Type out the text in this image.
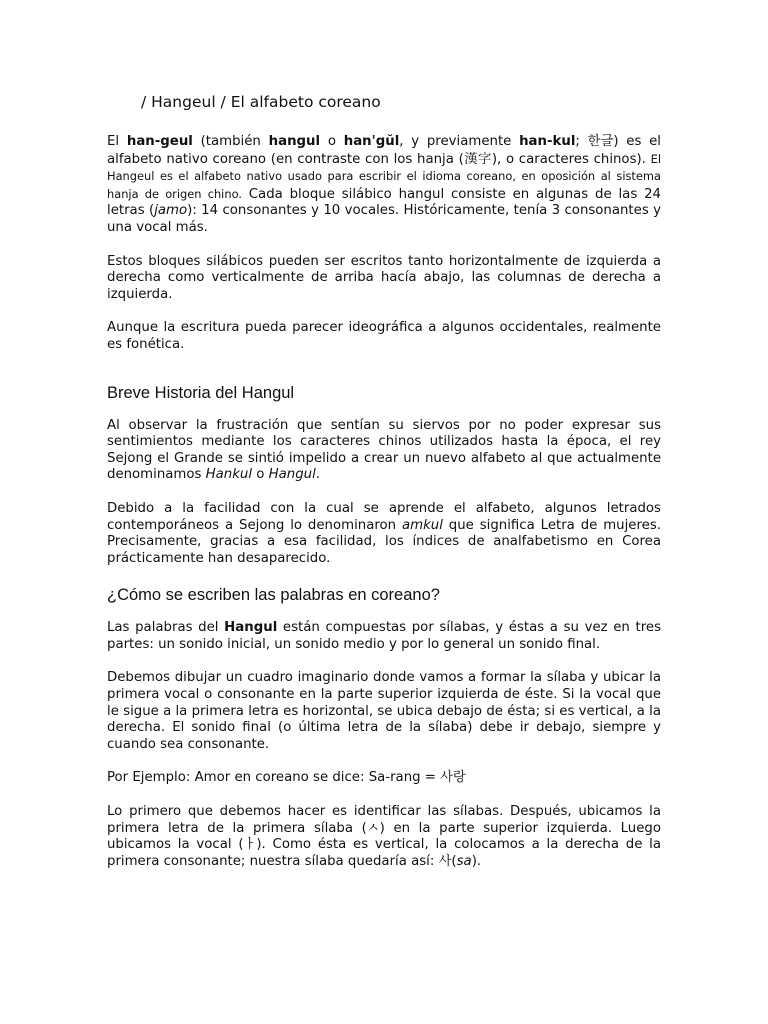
/ Hangeul / El alfabeto coreano

El han-geul (también hangul o han'gŭl, y previamente han-kul; 한글) es el alfabeto nativo coreano (en contraste con los hanja (漢字), o caracteres chinos). El Hangeul es el alfabeto nativo usado para escribir el idioma coreano, en oposición al sistema hanja de origen chino. Cada bloque silábico hangul consiste en algunas de las 24 letras (jamo): 14 consonantes y 10 vocales. Históricamente, tenía 3 consonantes y una vocal más.

Estos bloques silábicos pueden ser escritos tanto horizontalmente de izquierda a derecha como verticalmente de arriba hacía abajo, las columnas de derecha a izquierda.

Aunque la escritura pueda parecer ideográfica a algunos occidentales, realmente es fonética.

Breve Historia del Hangul

Al observar la frustración que sentían su siervos por no poder expresar sus sentimientos mediante los caracteres chinos utilizados hasta la época, el rey Sejong el Grande se sintió impelido a crear un nuevo alfabeto al que actualmente denominamos Hankul o Hangul.

Debido a la facilidad con la cual se aprende el alfabeto, algunos letrados contemporáneos a Sejong lo denominaron amkul que significa Letra de mujeres. Precisamente, gracias a esa facilidad, los índices de analfabetismo en Corea prácticamente han desaparecido.

¿Cómo se escriben las palabras en coreano?

Las palabras del Hangul están compuestas por sílabas, y éstas a su vez en tres partes: un sonido inicial, un sonido medio y por lo general un sonido final.

Debemos dibujar un cuadro imaginario donde vamos a formar la sílaba y ubicar la primera vocal o consonante en la parte superior izquierda de éste. Si la vocal que le sigue a la primera letra es horizontal, se ubica debajo de ésta; si es vertical, a la derecha. El sonido final (o última letra de la sílaba) debe ir debajo, siempre y cuando sea consonante.

Por Ejemplo: Amor en coreano se dice: Sa-rang = 사랑

Lo primero que debemos hacer es identificar las sílabas. Después, ubicamos la primera letra de la primera sílaba (ㅅ) en la parte superior izquierda. Luego ubicamos la vocal (ㅏ). Como ésta es vertical, la colocamos a la derecha de la primera consonante; nuestra sílaba quedaría así: 사(sa).
